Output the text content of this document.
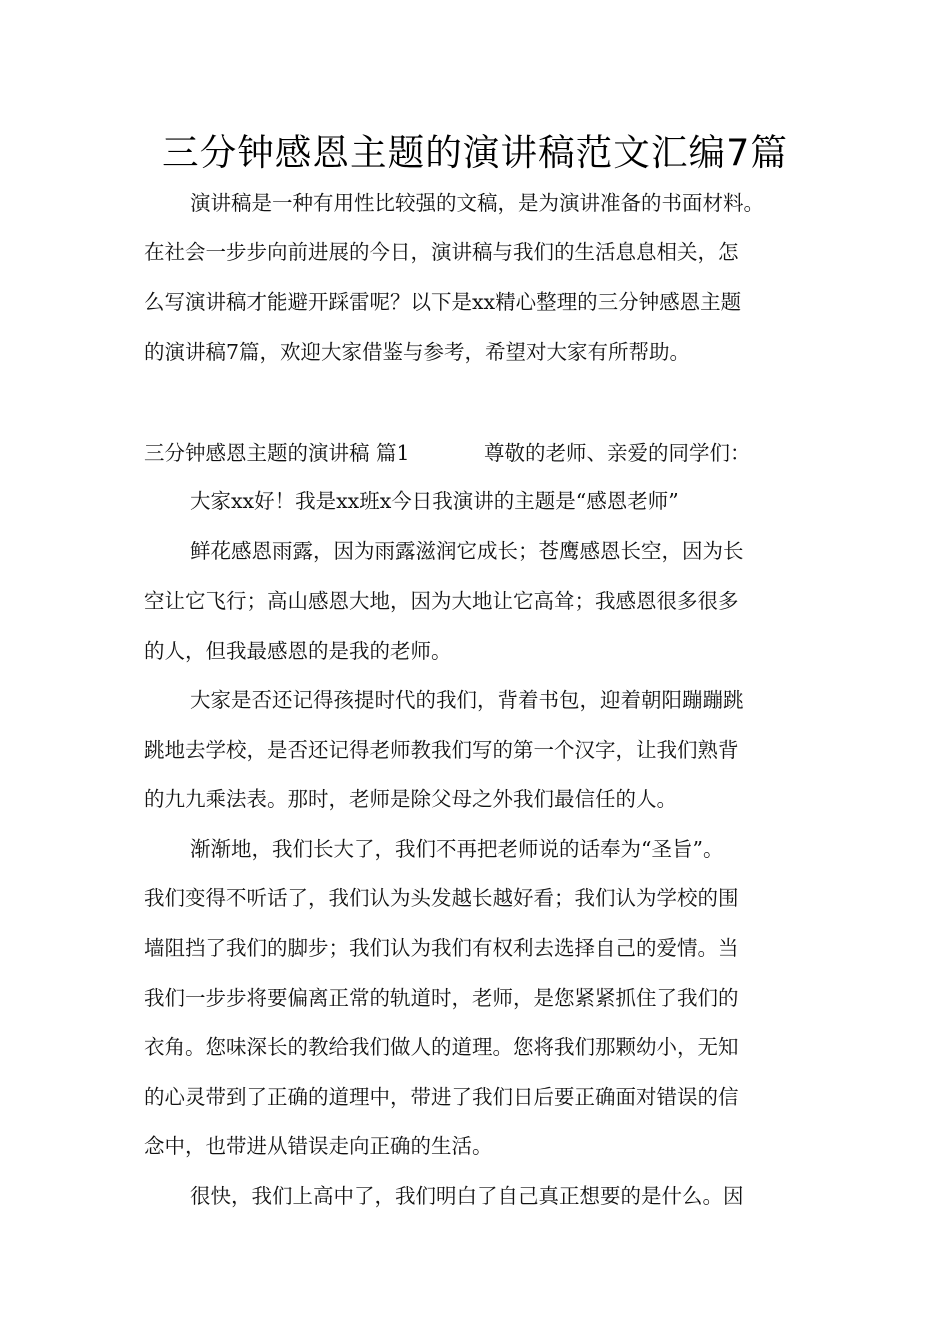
三分钟感恩主题的演讲稿范文汇编7篇
演讲稿是一种有用性比较强的文稿，是为演讲准备的书面材料。
在社会一步步向前进展的今日，演讲稿与我们的生活息息相关，怎
么写演讲稿才能避开踩雷呢？以下是xx精心整理的三分钟感恩主题
的演讲稿7篇，欢迎大家借鉴与参考，希望对大家有所帮助。
三分钟感恩主题的演讲稿 篇1	尊敬的老师、亲爱的同学们：
大家xx好！我是xx班x今日我演讲的主题是“感恩老师”
鲜花感恩雨露，因为雨露滋润它成长；苍鹰感恩长空，因为长
空让它飞行；高山感恩大地，因为大地让它高耸；我感恩很多很多
的人，但我最感恩的是我的老师。
大家是否还记得孩提时代的我们，背着书包，迎着朝阳蹦蹦跳
跳地去学校，是否还记得老师教我们写的第一个汉字，让我们熟背
的九九乘法表。那时，老师是除父母之外我们最信任的人。
渐渐地，我们长大了，我们不再把老师说的话奉为“圣旨”。
我们变得不听话了，我们认为头发越长越好看；我们认为学校的围
墙阻挡了我们的脚步；我们认为我们有权利去选择自己的爱情。当
我们一步步将要偏离正常的轨道时，老师，是您紧紧抓住了我们的
衣角。您味深长的教给我们做人的道理。您将我们那颗幼小，无知
的心灵带到了正确的道理中，带进了我们日后要正确面对错误的信
念中，也带进从错误走向正确的生活。
很快，我们上高中了，我们明白了自己真正想要的是什么。因
